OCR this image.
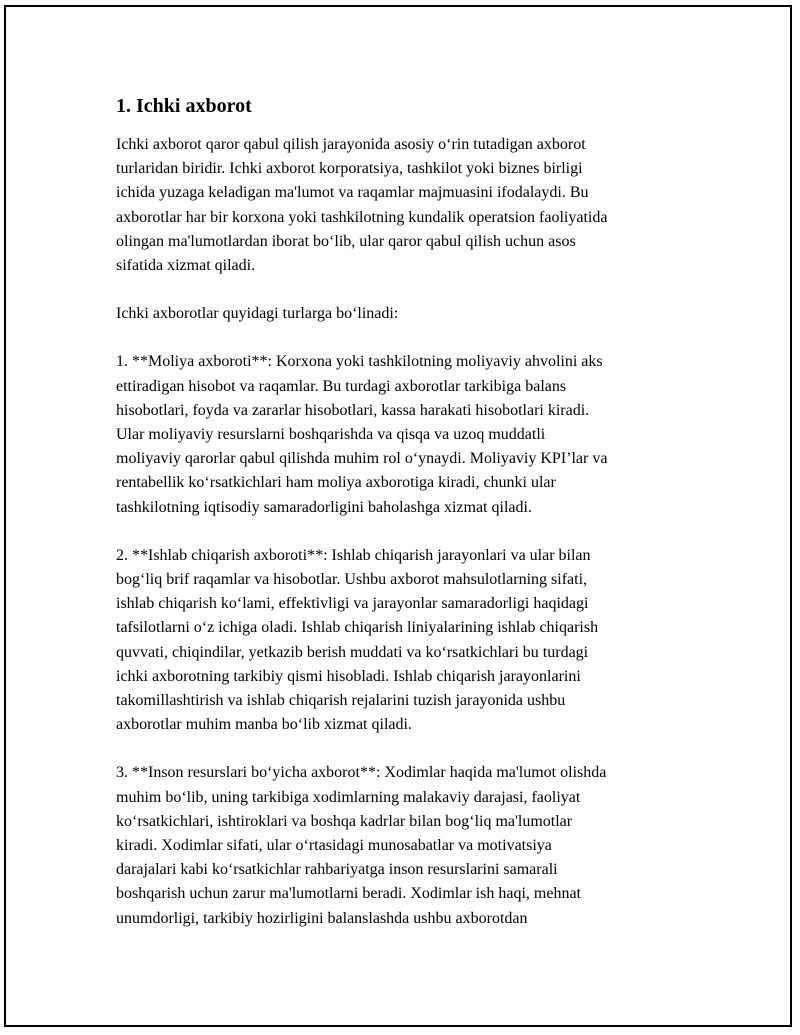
1. Ichki axborot

Ichki axborot qaror qabul qilish jarayonida asosiy o‘rin tutadigan axborot
turlaridan biridir. Ichki axborot korporatsiya, tashkilot yoki biznes birligi
ichida yuzaga keladigan ma'lumot va raqamlar majmuasini ifodalaydi. Bu
axborotlar har bir korxona yoki tashkilotning kundalik operatsion faoliyatida
olingan ma'lumotlardan iborat bo‘lib, ular qaror qabul qilish uchun asos
sifatida xizmat qiladi.

Ichki axborotlar quyidagi turlarga bo‘linadi:

1. **Moliya axboroti**: Korxona yoki tashkilotning moliyaviy ahvolini aks
ettiradigan hisobot va raqamlar. Bu turdagi axborotlar tarkibiga balans
hisobotlari, foyda va zararlar hisobotlari, kassa harakati hisobotlari kiradi.
Ular moliyaviy resurslarni boshqarishda va qisqa va uzoq muddatli
moliyaviy qarorlar qabul qilishda muhim rol o‘ynaydi. Moliyaviy KPI’lar va
rentabellik ko‘rsatkichlari ham moliya axborotiga kiradi, chunki ular
tashkilotning iqtisodiy samaradorligini baholashga xizmat qiladi.

2. **Ishlab chiqarish axboroti**: Ishlab chiqarish jarayonlari va ular bilan
bog‘liq brif raqamlar va hisobotlar. Ushbu axborot mahsulotlarning sifati,
ishlab chiqarish ko‘lami, effektivligi va jarayonlar samaradorligi haqidagi
tafsilotlarni o‘z ichiga oladi. Ishlab chiqarish liniyalarining ishlab chiqarish
quvvati, chiqindilar, yetkazib berish muddati va ko‘rsatkichlari bu turdagi
ichki axborotning tarkibiy qismi hisobladi. Ishlab chiqarish jarayonlarini
takomillashtirish va ishlab chiqarish rejalarini tuzish jarayonida ushbu
axborotlar muhim manba bo‘lib xizmat qiladi.

3. **Inson resurslari bo‘yicha axborot**: Xodimlar haqida ma'lumot olishda
muhim bo‘lib, uning tarkibiga xodimlarning malakaviy darajasi, faoliyat
ko‘rsatkichlari, ishtiroklari va boshqa kadrlar bilan bog‘liq ma'lumotlar
kiradi. Xodimlar sifati, ular o‘rtasidagi munosabatlar va motivatsiya
darajalari kabi ko‘rsatkichlar rahbariyatga inson resurslarini samarali
boshqarish uchun zarur ma'lumotlarni beradi. Xodimlar ish haqi, mehnat
unumdorligi, tarkibiy hozirligini balanslashda ushbu axborotdan
